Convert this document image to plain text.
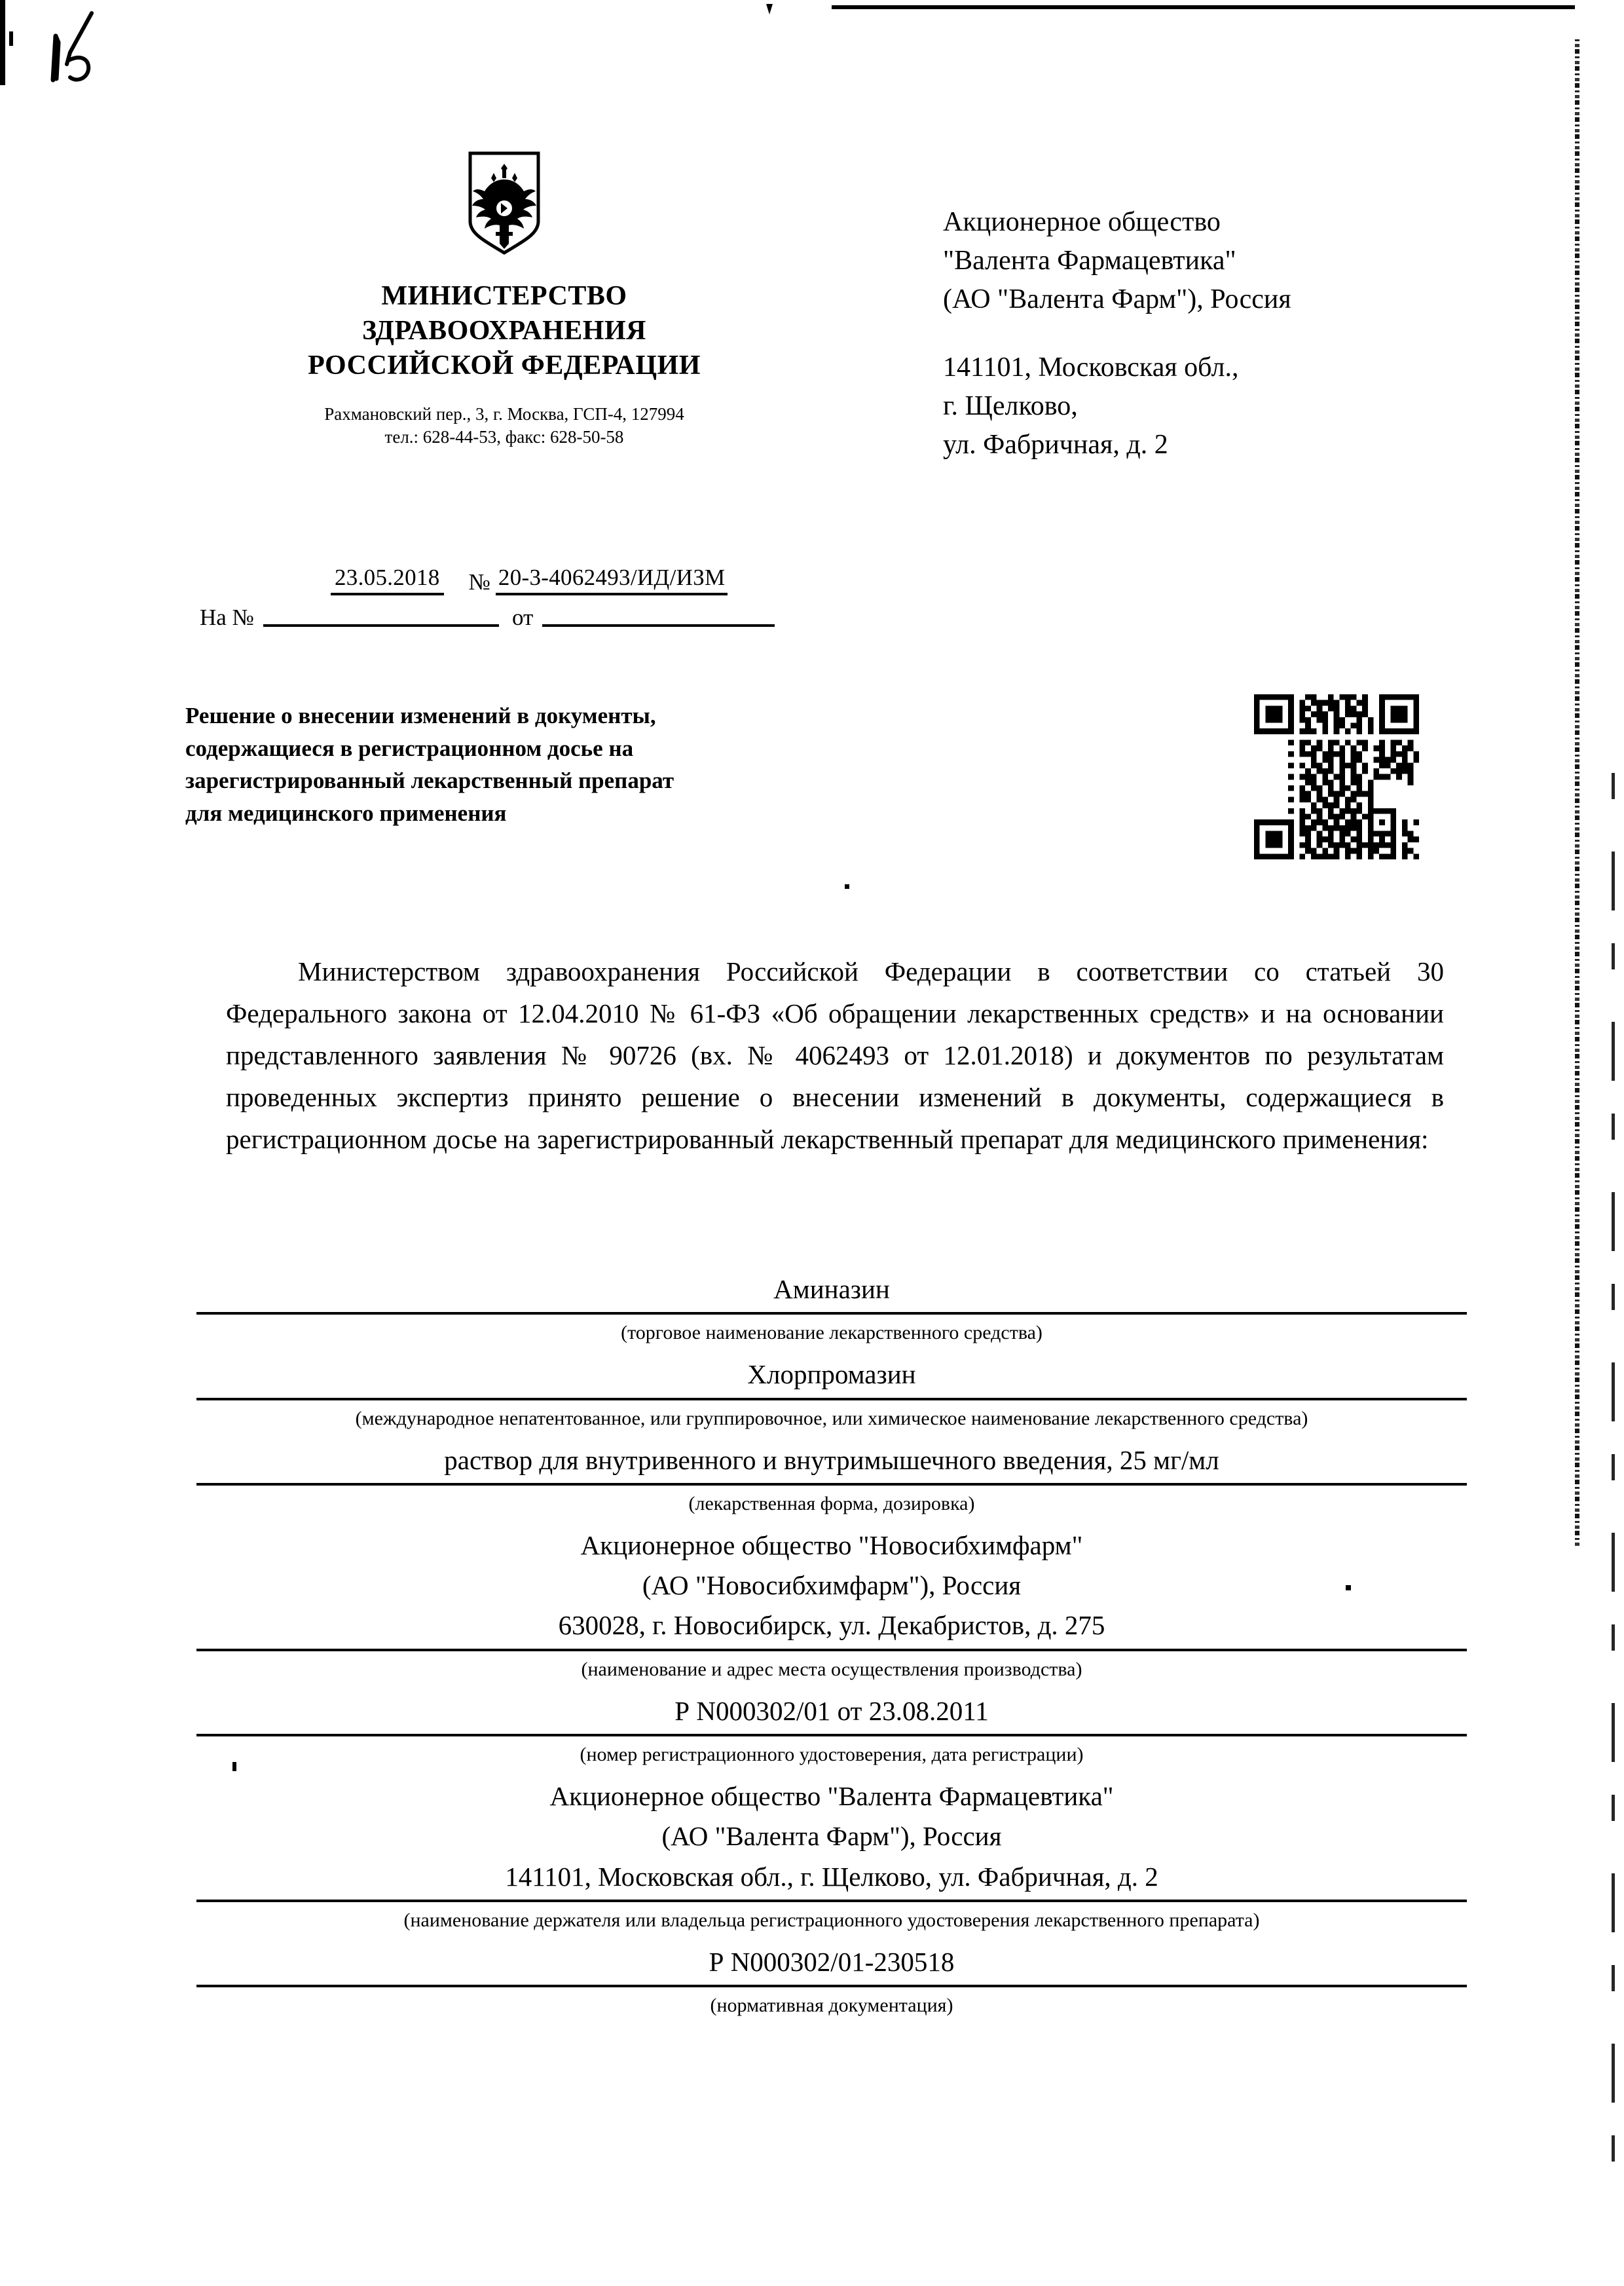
МИНИСТЕРСТВО
ЗДРАВООХРАНЕНИЯ
РОССИЙСКОЙ ФЕДЕРАЦИИ
Рахмановский пер., 3, г. Москва, ГСП-4, 127994
тел.: 628-44-53, факс: 628-50-58
Акционерное общество
"Валента Фармацевтика"
(АО "Валента Фарм"), Россия
141101, Московская обл.,
г. Щелково,
ул. Фабричная, д. 2
23.05.2018 № 20-3-4062493/ИД/ИЗМ
На №	от
Решение о внесении изменений в документы, содержащиеся в регистрационном досье на зарегистрированный лекарственный препарат для медицинского применения
Министерством здравоохранения Российской Федерации в соответствии со статьей 30 Федерального закона от 12.04.2010 № 61-ФЗ «Об обращении лекарственных средств» и на основании представленного заявления № 90726 (вх. № 4062493 от 12.01.2018) и документов по результатам проведенных экспертиз принято решение о внесении изменений в документы, содержащиеся в регистрационном досье на зарегистрированный лекарственный препарат для медицинского применения:
Аминазин
(торговое наименование лекарственного средства)
Хлорпромазин
(международное непатентованное, или группировочное, или химическое наименование лекарственного средства)
раствор для внутривенного и внутримышечного введения, 25 мг/мл
(лекарственная форма, дозировка)
Акционерное общество "Новосибхимфарм"
(АО "Новосибхимфарм"), Россия
630028, г. Новосибирск, ул. Декабристов, д. 275
(наименование и адрес места осуществления производства)
Р N000302/01 от 23.08.2011
(номер регистрационного удостоверения, дата регистрации)
Акционерное общество "Валента Фармацевтика"
(АО "Валента Фарм"), Россия
141101, Московская обл., г. Щелково, ул. Фабричная, д. 2
(наименование держателя или владельца регистрационного удостоверения лекарственного препарата)
Р N000302/01-230518
(нормативная документация)
